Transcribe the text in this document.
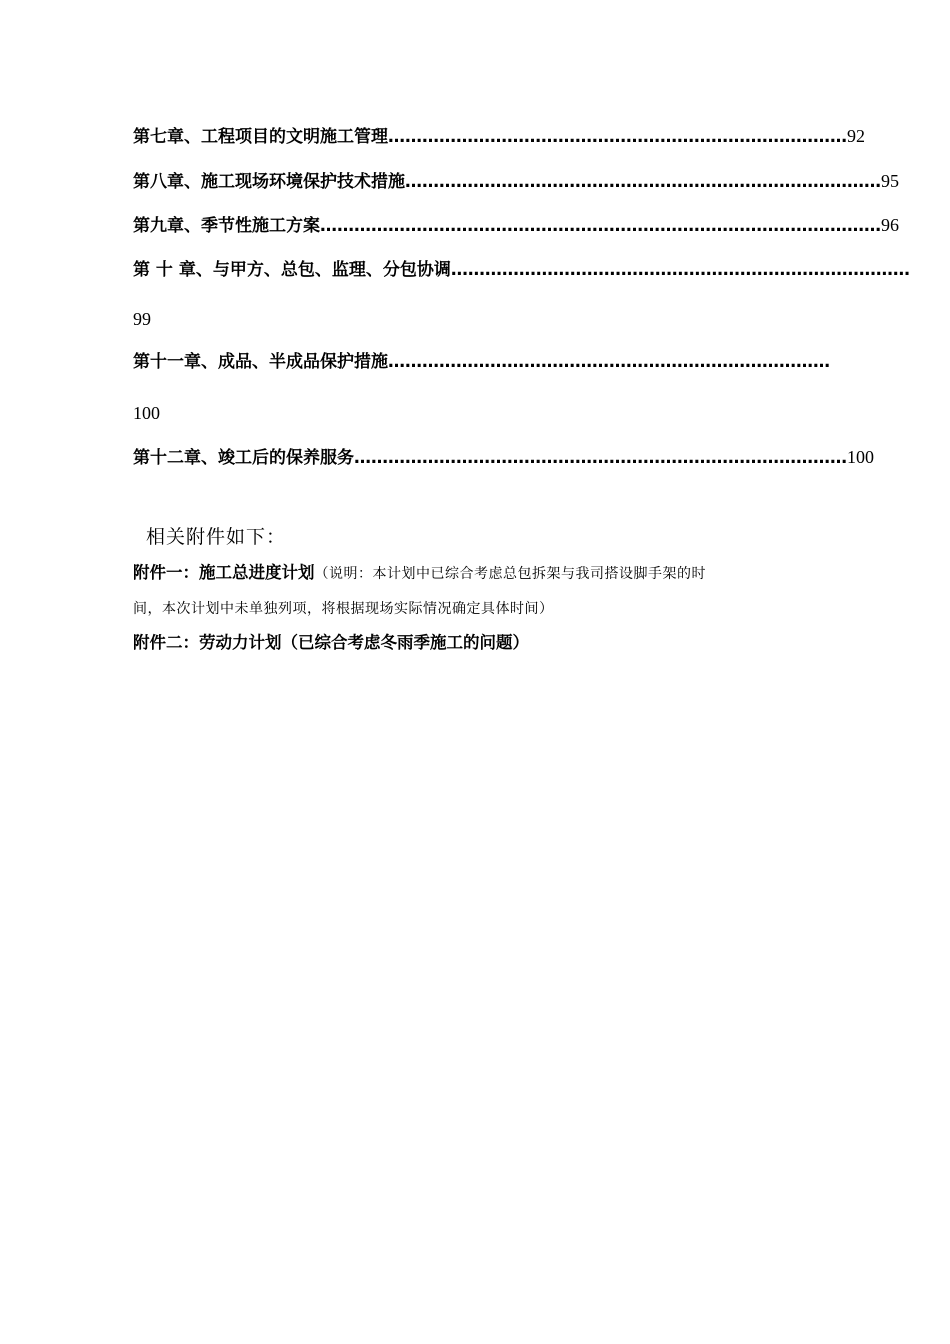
第七章、工程项目的文明施工管理 ……………………………………………………………………… 92
第八章、施工现场环境保护技术措施 ………………………………………………………………………… 95
第九章、季节性施工方案 ……………………………………………………………………………………… 96
第 十 章、与甲方、总包、监理、分包协调 ………………………………………………………………………
99
第十一章、成品、半成品保护措施 ……………………………………………………………………
100
第十二章、竣工后的保养服务 …………………………………………………………………………… 100
相关附件如下：
附件一：施工总进度计划（说明：本计划中已综合考虑总包拆架与我司搭设脚手架的时
间，本次计划中未单独列项，将根据现场实际情况确定具体时间）
附件二：劳动力计划（已综合考虑冬雨季施工的问题）
